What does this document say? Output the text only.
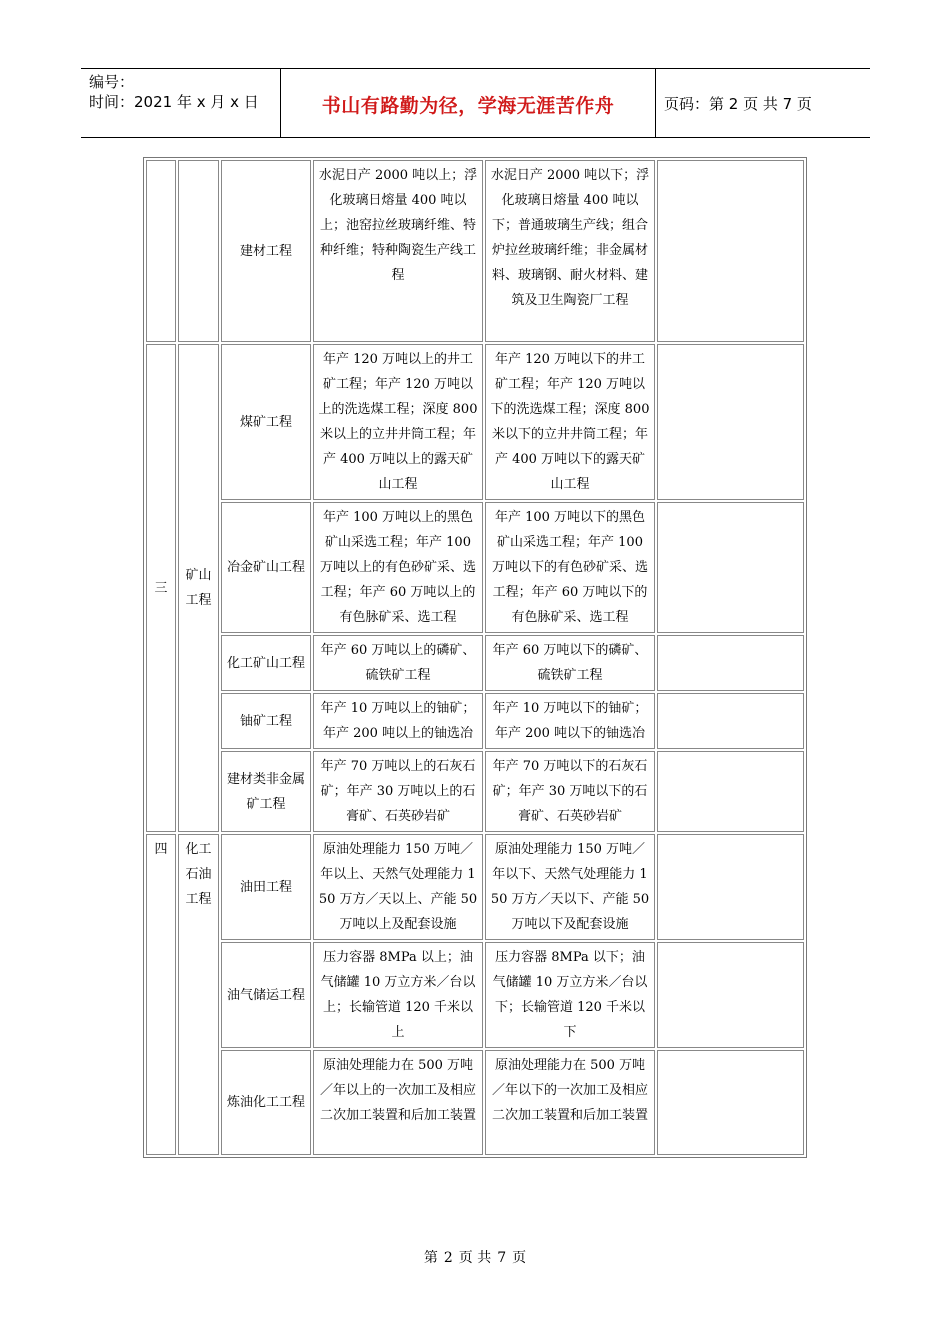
编号：
时间：2021 年 x 月 x 日	书山有路勤为径，学海无涯苦作舟	页码：第 2 页 共 7 页
		建材工程	水泥日产 2000 吨以上；浮化玻璃日熔量 400 吨以上；池窑拉丝玻璃纤维、特种纤维；特种陶瓷生产线工程	水泥日产 2000 吨以下；浮化玻璃日熔量 400 吨以下；普通玻璃生产线；组合炉拉丝玻璃纤维；非金属材料、玻璃钢、耐火材料、建筑及卫生陶瓷厂工程	
三	矿山工程	煤矿工程	年产 120 万吨以上的井工矿工程；年产 120 万吨以上的洗选煤工程；深度 800 米以上的立井井筒工程；年产 400 万吨以上的露天矿山工程	年产 120 万吨以下的井工矿工程；年产 120 万吨以下的洗选煤工程；深度 800 米以下的立井井筒工程；年产 400 万吨以下的露天矿山工程	
		冶金矿山工程	年产 100 万吨以上的黑色矿山采选工程；年产 100 万吨以上的有色砂矿采、选工程；年产 60 万吨以上的有色脉矿采、选工程	年产 100 万吨以下的黑色矿山采选工程；年产 100 万吨以下的有色砂矿采、选工程；年产 60 万吨以下的有色脉矿采、选工程	
		化工矿山工程	年产 60 万吨以上的磷矿、硫铁矿工程	年产 60 万吨以下的磷矿、硫铁矿工程	
		铀矿工程	年产 10 万吨以上的铀矿；年产 200 吨以上的铀选冶	年产 10 万吨以下的铀矿；年产 200 吨以下的铀选冶	
		建材类非金属矿工程	年产 70 万吨以上的石灰石矿；年产 30 万吨以上的石膏矿、石英砂岩矿	年产 70 万吨以下的石灰石矿；年产 30 万吨以下的石膏矿、石英砂岩矿	
四	化工石油工程	油田工程	原油处理能力 150 万吨／年以上、天然气处理能力 150 万方／天以上、产能 50 万吨以上及配套设施	原油处理能力 150 万吨／年以下、天然气处理能力 150 万方／天以下、产能 50 万吨以下及配套设施	
		油气储运工程	压力容器 8MPa 以上；油气储罐 10 万立方米／台以上；长输管道 120 千米以上	压力容器 8MPa 以下；油气储罐 10 万立方米／台以下；长输管道 120 千米以下	
		炼油化工工程	原油处理能力在 500 万吨／年以上的一次加工及相应二次加工装置和后加工装置	原油处理能力在 500 万吨／年以下的一次加工及相应二次加工装置和后加工装置	
第 2 页 共 7 页
